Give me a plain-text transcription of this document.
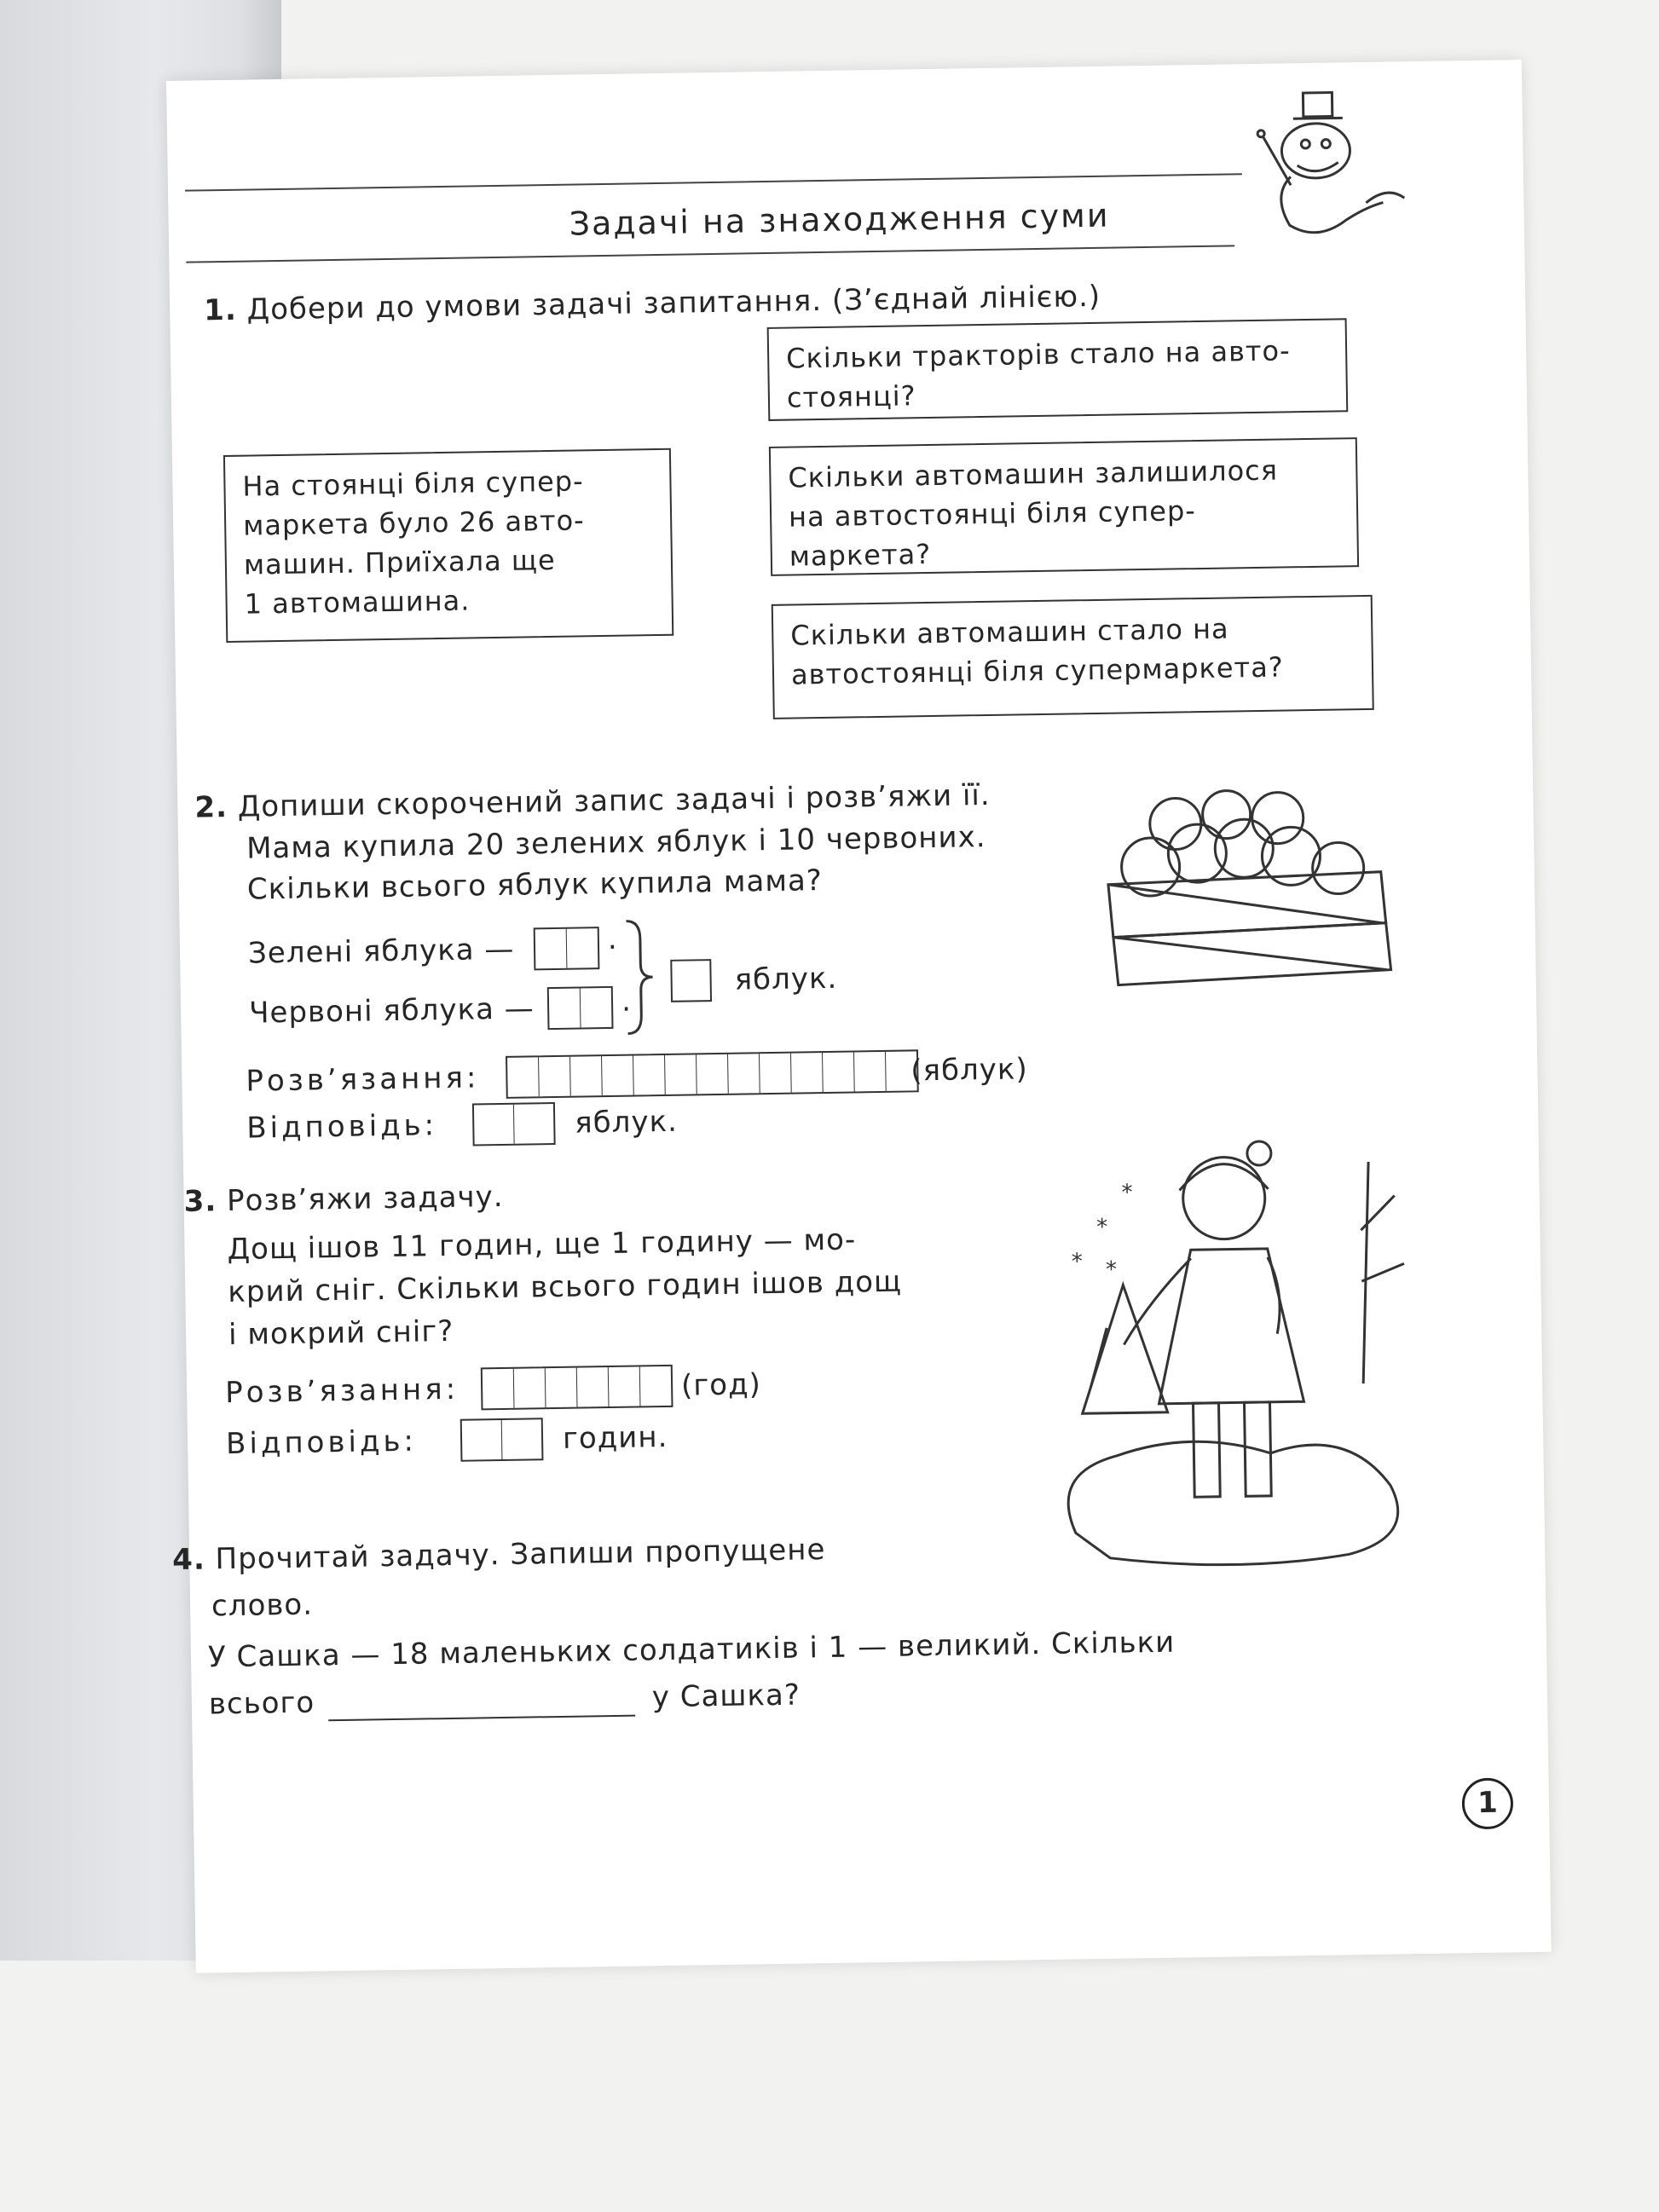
Задачі на знаходження суми
1. Добери до умови задачі запитання. (З’єднай лінією.)
На стоянці біля супер-
маркета було 26 авто-
машин. Приїхала ще
1 автомашина.
Скільки тракторів стало на авто-
стоянці?
Скільки автомашин залишилося
на автостоянці біля супер-
маркета?
Скільки автомашин стало на
автостоянці біля супермаркета?
2. Допиши скорочений запис задачі і розв’яжи її.
Мама купила 20 зелених яблук і 10 червоних.
Скільки всього яблук купила мама?
Зелені яблука —	.
Червоні яблука —	.
яблук.
Розв’язання:	(яблук)
Відповідь:	яблук.
3. Розв’яжи задачу.
Дощ ішов 11 годин, ще 1 годину — мо-
крий сніг. Скільки всього годин ішов дощ
і мокрий сніг?
Розв’язання:	(год)
Відповідь:	годин.
*
*
* *
4. Прочитай задачу. Запиши пропущене
слово.
У Сашка — 18 маленьких солдатиків і 1 — великий. Скільки
всього	у Сашка?
1
